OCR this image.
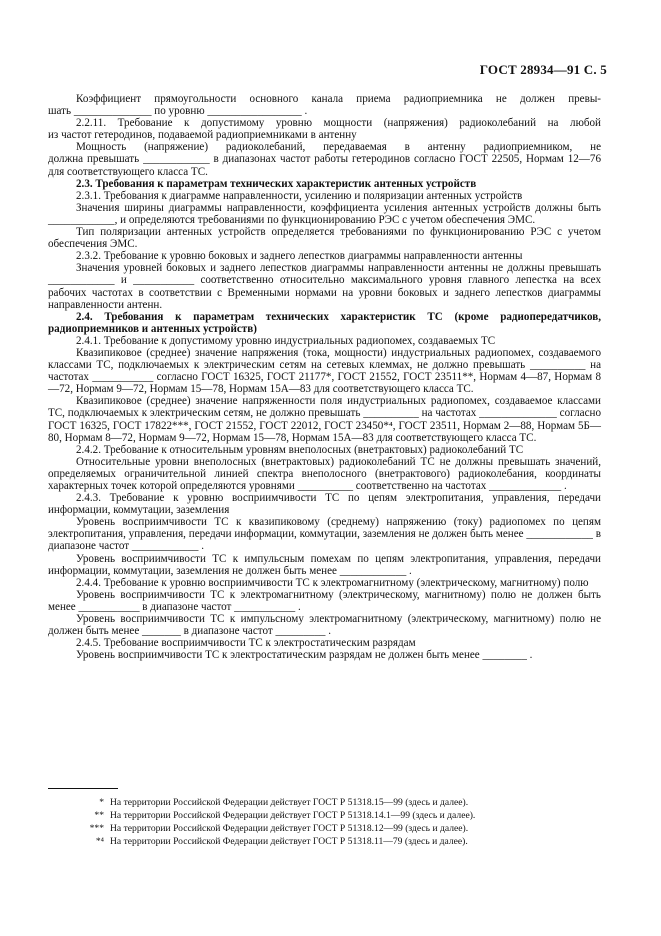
ГОСТ 28934—91 С. 5

Коэффициент прямоугольности основного канала приема радиоприемника не должен превы-

шать ______________ по уровню _________________ .

2.2.11. Требование к допустимому уровню мощности (напряжения) радиоколебаний на любой

из частот гетеродинов, подаваемой радиоприемниками в антенну

Мощность (напряжение) радиоколебаний, передаваемая в антенну радиоприемником, не

должна превышать ____________ в диапазонах частот работы гетеродинов согласно ГОСТ 22505, Нормам 12—76 для соответствующего класса ТС.

2.3. Требования к параметрам технических характеристик антенных устройств

2.3.1. Требования к диаграмме направленности, усилению и поляризации антенных устройств

Значения ширины диаграммы направленности, коэффициента усиления антенных устройств должны быть ____________, и определяются требованиями по функционированию РЭС с учетом обеспечения ЭМС.

Тип поляризации антенных устройств определяется требованиями по функционированию РЭС с учетом обеспечения ЭМС.

2.3.2. Требование к уровню боковых и заднего лепестков диаграммы направленности антенны

Значения уровней боковых и заднего лепестков диаграммы направленности антенны не должны превышать ____________ и ___________ соответственно относительно максимального уровня главного лепестка на всех рабочих частотах в соответствии с Временными нормами на уровни боковых и заднего лепестков диаграммы направленности антенн.

2.4. Требования к параметрам технических характеристик ТС (кроме радиопередатчиков, радиоприемников и антенных устройств)

2.4.1. Требование к допустимому уровню индустриальных радиопомех, создаваемых ТС

Квазипиковое (среднее) значение напряжения (тока, мощности) индустриальных радиопомех, создаваемого классами ТС, подключаемых к электрическим сетям на сетевых клеммах, не должно превышать __________ на частотах ___________ согласно ГОСТ 16325, ГОСТ 21177*, ГОСТ 21552, ГОСТ 23511**, Нормам 4—87, Нормам 8—72, Нормам 9—72, Нормам 15—78, Нормам 15А—83 для соответствующего класса ТС.

Квазипиковое (среднее) значение напряженности поля индустриальных радиопомех, создаваемое классами ТС, подключаемых к электрическим сетям, не должно превышать __________ на частотах ______________ согласно ГОСТ 16325, ГОСТ 17822***, ГОСТ 21552, ГОСТ 22012, ГОСТ 23450*⁴, ГОСТ 23511, Нормам 2—88, Нормам 5Б—80, Нормам 8—72, Нормам 9—72, Нормам 15—78, Нормам 15А—83 для соответствующего класса ТС.

2.4.2. Требование к относительным уровням внеполосных (внетрактовых) радиоколебаний ТС

Относительные уровни внеполосных (внетрактовых) радиоколебаний ТС не должны превышать значений, определяемых ограничительной линией спектра внеполосного (внетрактового) радиоколебания, координаты характерных точек которой определяются уровнями __________ соответственно на частотах _____________ .

2.4.3. Требование к уровню восприимчивости ТС по цепям электропитания, управления, передачи информации, коммутации, заземления

Уровень восприимчивости ТС к квазипиковому (среднему) напряжению (току) радиопомех по цепям электропитания, управления, передачи информации, коммутации, заземления не должен быть менее ____________ в диапазоне частот ____________ .

Уровень восприимчивости ТС к импульсным помехам по цепям электропитания, управления, передачи информации, коммутации, заземления не должен быть менее ____________ .

2.4.4. Требование к уровню восприимчивости ТС к электромагнитному (электрическому, магнитному) полю

Уровень восприимчивости ТС к электромагнитному (электрическому, магнитному) полю не должен быть менее ___________ в диапазоне частот ___________ .

Уровень восприимчивости ТС к импульсному электромагнитному (электрическому, магнитному) полю не должен быть менее _______ в диапазоне частот _________ .

2.4.5. Требование восприимчивости ТС к электростатическим разрядам

Уровень восприимчивости ТС к электростатическим разрядам не должен быть менее ________ .

* На территории Российской Федерации действует ГОСТ Р 51318.15—99 (здесь и далее).
** На территории Российской Федерации действует ГОСТ Р 51318.14.1—99 (здесь и далее).
*** На территории Российской Федерации действует ГОСТ Р 51318.12—99 (здесь и далее).
*⁴ На территории Российской Федерации действует ГОСТ Р 51318.11—79 (здесь и далее).
